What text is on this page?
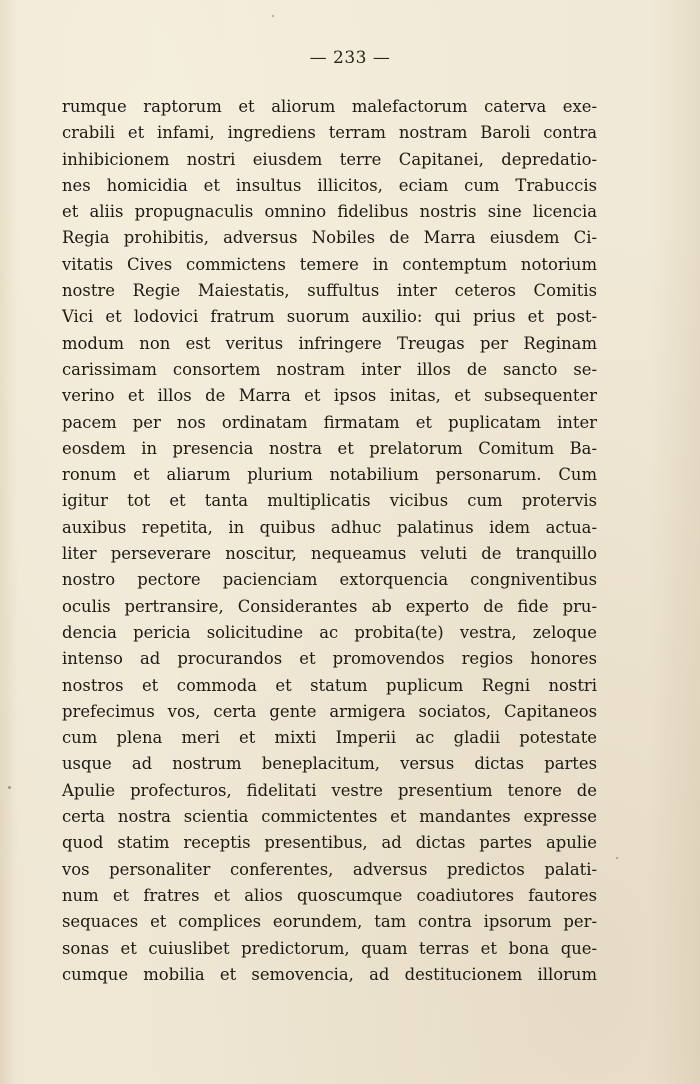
— 233 —
rumque raptorum et aliorum malefactorum caterva exe-
crabili et infami, ingrediens terram nostram Baroli contra
inhibicionem nostri eiusdem terre Capitanei, depredatio-
nes homicidia et insultus illicitos, eciam cum Trabuccis
et aliis propugnaculis omnino fidelibus nostris sine licencia
Regia prohibitis, adversus Nobiles de Marra eiusdem Ci-
vitatis Cives commictens temere in contemptum notorium
nostre Regie Maiestatis, suffultus inter ceteros Comitis
Vici et lodovici fratrum suorum auxilio: qui prius et post-
modum non est veritus infringere Treugas per Reginam
carissimam consortem nostram inter illos de sancto se-
verino et illos de Marra et ipsos initas, et subsequenter
pacem per nos ordinatam firmatam et puplicatam inter
eosdem in presencia nostra et prelatorum Comitum Ba-
ronum et aliarum plurium notabilium personarum. Cum
igitur tot et tanta multiplicatis vicibus cum protervis
auxibus repetita, in quibus adhuc palatinus idem actua-
liter perseverare noscitur, nequeamus veluti de tranquillo
nostro pectore pacienciam extorquencia congniventibus
oculis pertransire, Considerantes ab experto de fide pru-
dencia pericia solicitudine ac probita(te) vestra, zeloque
intenso ad procurandos et promovendos regios honores
nostros et commoda et statum puplicum Regni nostri
prefecimus vos, certa gente armigera sociatos, Capitaneos
cum plena meri et mixti Imperii ac gladii potestate
usque ad nostrum beneplacitum, versus dictas partes
Apulie profecturos, fidelitati vestre presentium tenore de
certa nostra scientia commictentes et mandantes expresse
quod statim receptis presentibus, ad dictas partes apulie
vos personaliter conferentes, adversus predictos palati-
num et fratres et alios quoscumque coadiutores fautores
sequaces et complices eorundem, tam contra ipsorum per-
sonas et cuiuslibet predictorum, quam terras et bona que-
cumque mobilia et semovencia, ad destitucionem illorum
